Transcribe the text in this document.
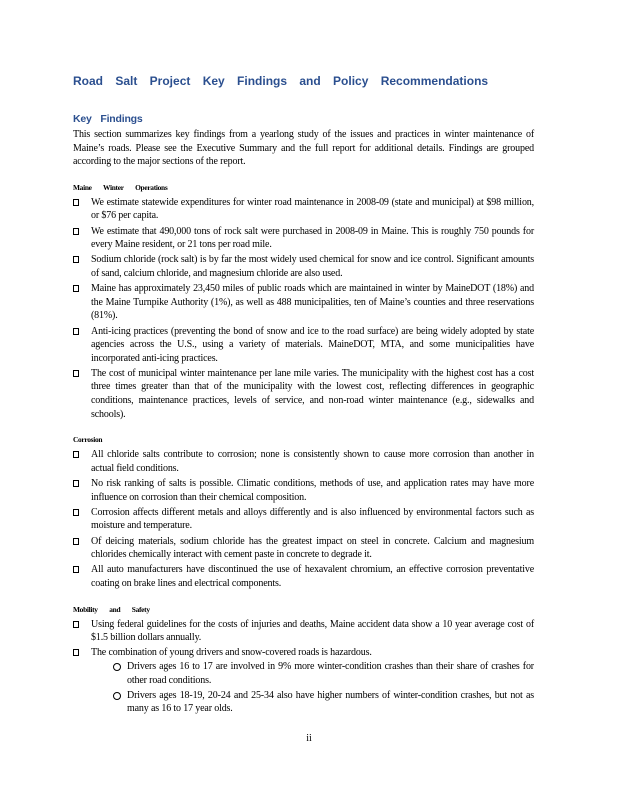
Road Salt Project Key Findings and Policy Recommendations
Key Findings

This section summarizes key findings from a yearlong study of the issues and practices in winter maintenance of Maine’s roads. Please see the Executive Summary and the full report for additional details. Findings are grouped according to the major sections of the report.

Maine Winter Operations
We estimate statewide expenditures for winter road maintenance in 2008-09 (state and municipal) at $98 million, or $76 per capita.
We estimate that 490,000 tons of rock salt were purchased in 2008-09 in Maine. This is roughly 750 pounds for every Maine resident, or 21 tons per road mile.
Sodium chloride (rock salt) is by far the most widely used chemical for snow and ice control. Significant amounts of sand, calcium chloride, and magnesium chloride are also used.
Maine has approximately 23,450 miles of public roads which are maintained in winter by MaineDOT (18%) and the Maine Turnpike Authority (1%), as well as 488 municipalities, ten of Maine’s counties and three reservations (81%).
Anti-icing practices (preventing the bond of snow and ice to the road surface) are being widely adopted by state agencies across the U.S., using a variety of materials. MaineDOT, MTA, and some municipalities have incorporated anti-icing practices.
The cost of municipal winter maintenance per lane mile varies. The municipality with the highest cost has a cost three times greater than that of the municipality with the lowest cost, reflecting differences in geographic conditions, maintenance practices, levels of service, and non-road winter maintenance (e.g., sidewalks and schools).
Corrosion
All chloride salts contribute to corrosion; none is consistently shown to cause more corrosion than another in actual field conditions.
No risk ranking of salts is possible. Climatic conditions, methods of use, and application rates may have more influence on corrosion than their chemical composition.
Corrosion affects different metals and alloys differently and is also influenced by environmental factors such as moisture and temperature.
Of deicing materials, sodium chloride has the greatest impact on steel in concrete. Calcium and magnesium chlorides chemically interact with cement paste in concrete to degrade it.
All auto manufacturers have discontinued the use of hexavalent chromium, an effective corrosion preventative coating on brake lines and electrical components.
Mobility and Safety
Using federal guidelines for the costs of injuries and deaths, Maine accident data show a 10 year average cost of $1.5 billion dollars annually.
The combination of young drivers and snow-covered roads is hazardous.
Drivers ages 16 to 17 are involved in 9% more winter-condition crashes than their share of crashes for other road conditions.
Drivers ages 18-19, 20-24 and 25-34 also have higher numbers of winter-condition crashes, but not as many as 16 to 17 year olds.
ii
